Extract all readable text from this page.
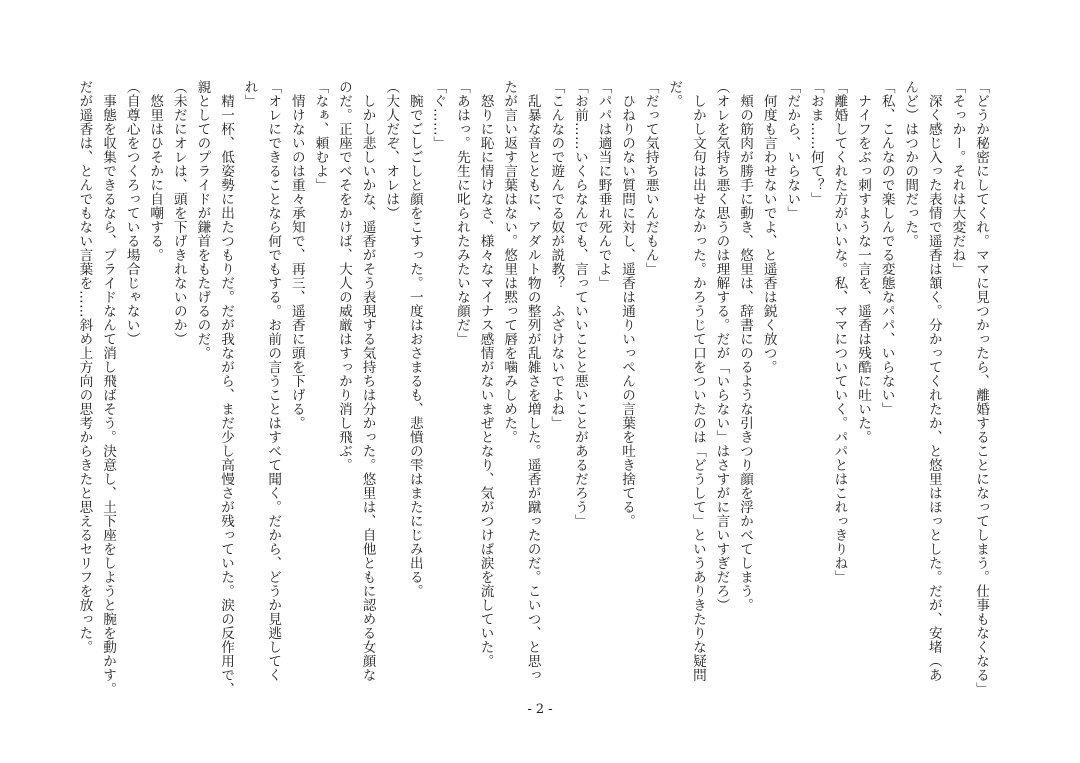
「どうか秘密にしてくれ。ママに見つかったら、離婚することになってしまう。仕事もなくなる」
「そっかー。それは大変だね」
　深く感じ入った表情で遥香は頷く。分かってくれたか、と悠里はほっとした。だが、安堵（あ
んど）はつかの間だった。
「私、こんなので楽しんでる変態なパパ、いらない」
　ナイフをぶっ刺すような一言を、遥香は残酷に吐いた。
「離婚してくれた方がいいな。私、ママについていく。パパとはこれっきりね」
「おま……何て？」
「だから、いらない」
　何度も言わせないでよ、と遥香は鋭く放つ。
　頬の筋肉が勝手に動き、悠里は、辞書にのるような引きつり顔を浮かべてしまう。
（オレを気持ち悪く思うのは理解する。だが「いらない」はさすがに言いすぎだろ）
　しかし文句は出せなかった。かろうじて口をついたのは「どうして」というありきたりな疑問
だ。
「だって気持ち悪いんだもん」
　ひねりのない質問に対し、遥香は通りいっぺんの言葉を吐き捨てる。
「パパは適当に野垂れ死んでよ」
「お前……いくらなんでも、言っていいことと悪いことがあるだろう」
「こんなので遊んでる奴が説教？　ふざけないでよね」
　乱暴な音とともに、アダルト物の整列が乱雑さを増した。遥香が蹴ったのだ。こいつ、と思っ
たが言い返す言葉はない。悠里は黙って唇を噛みしめた。
　怒りに恥に情けなさ、様々なマイナス感情がないまぜとなり、気がつけば涙を流していた。
「あはっ。先生に叱られたみたいな顔だ」
「ぐ……」
　腕でごしごしと顔をこすった。一度はおさまるも、悲憤の雫はまたにじみ出る。
（大人だぞ、オレは）
　しかし悲しいかな、遥香がそう表現する気持ちは分かった。悠里は、自他ともに認める女顔な
のだ。正座でベそをかけば、大人の威厳はすっかり消し飛ぶ。
「なぁ、頼むよ」
　情けないのは重々承知で、再三、遥香に頭を下げる。
「オレにできることなら何でもする。お前の言うことはすべて聞く。だから、どうか見逃してく
れ」
　精一杯、低姿勢に出たつもりだ。だが我ながら、まだ少し高慢さが残っていた。涙の反作用で、
親としてのプライドが鎌首をもたげるのだ。
（未だにオレは、頭を下げきれないのか）
　悠里はひそかに自嘲する。
（自尊心をつくろっている場合じゃない）
　事態を収集できるなら、プライドなんて消し飛ばそう。決意し、土下座をしようと腕を動かす。
だが遥香は、とんでもない言葉を……斜め上方向の思考からきたと思えるセリフを放った。
- 2 -
